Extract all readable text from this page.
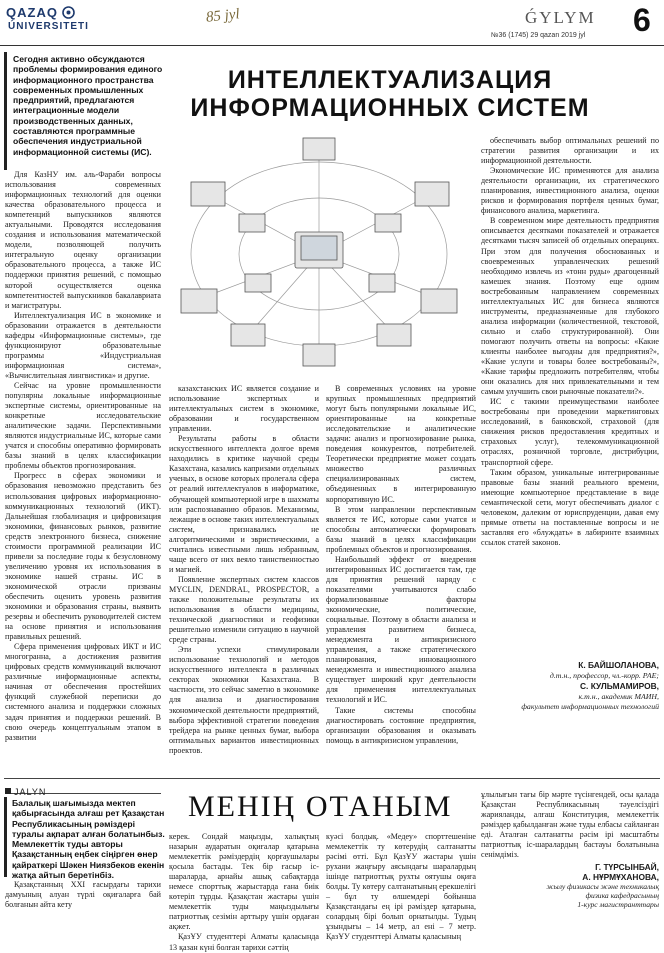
QAZAQ
ÚNIVERSITETI
85 jyl	ǴYLYM
№36 (1745) 29 qazan 2019 jyl 6
Сегодня активно обсуждаются проблемы формирования единого информационного пространства современных промышленных предприятий, предлагаются интеграционные модели производственных данных, составляются программные обеспечения индустриальной информационной системы (ИС).
ИНТЕЛЛЕКТУАЛИЗАЦИЯ
ИНФОРМАЦИОННЫХ СИСТЕМ

Для КазНУ им. аль-Фараби вопросы использования современных информационных технологий для оценки качества образовательного процесса и компетенций выпускников являются актуальными. Проводятся исследования создания и использования математической модели, позволяющей получить интегральную оценку организации образовательного процесса, а также ИС поддержки принятия решений, с помощью которой осуществляется оценка компетентностей выпускников бакалавриата и магистратуры.

Интеллектуализация ИС в экономике и образовании отражается в деятельности кафедры «Информационные системы», где функционируют образовательные программы «Индустриальная информационная система», «Вычислительная лингвистика» и другие.

Сейчас на уровне промышленности популярны локальные информационные экспертные системы, ориентированные на конкретные исследовательские аналитические задачи. Перспективными являются индустриальные ИС, которые сами учатся и способны оперативно формировать базы знаний в целях классификации проблемы объектов прогнозирования.

Прогресс в сферах экономики и образования невозможно представить без использования цифровых информационно-коммуникационных технологий (ИКТ). Дальнейшая глобализация и цифровизация экономики, финансовых рынков, развитие средств электронного бизнеса, снижение стоимости программной реализации ИС привели за последние годы к безусловному увеличению уровня их использования в экономике нашей страны. ИС в экономической отрасли призваны обеспечить оценить уровень развития экономики и образования страны, выявить резервы и обеспечить руководителей систем на основе принятия и использования правильных решений.

Сфера применения цифровых ИКТ и ИС многогранна, а достижения развития цифровых средств коммуникаций включают различные информационные аспекты, начиная от обеспечения простейших функций служебной переписки до системного анализа и поддержки сложных задач принятия и поддержки решений. В свою очередь концептуальным этапом в развитии

казахстанских ИС является создание и использование экспертных и интеллектуальных систем в экономике, образовании и государственном управлении.

Результаты работы в области искусственного интеллекта долгое время находились в критике научной среды Казахстана, казались капризами отдельных ученых, в основе которых пролегала сфера от реалий интеллектуалов в информатике, обучающей компьютерной игре в шахматы или распознаванию образов. Механизмы, лежащие в основе таких интеллектуальных систем, признавались не алгоритмическими и эвристическими, а считались известными лишь избранным, чаще всего от них веяло таинственностью и магией.

Появление экспертных систем классов MYCLIN, DENDRAL, PROSPECTOR, а также положительные результаты их использования в области медицины, технической диагностики и геофизики решительно изменили ситуацию в научной среде страны.

Эти успехи стимулировали использование технологий и методов искусственного интеллекта в различных секторах экономики Казахстана. В частности, это сейчас заметно в экономике для анализа и диагностирования экономической деятельности предприятий, выбора эффективной стратегии поведения трейдера на рынке ценных бумаг, выбора оптимальных вариантов инвестиционных проектов.

В современных условиях на уровне крупных промышленных предприятий могут быть популярными локальные ИС, ориентированные на конкретные исследовательские и аналитические задачи: анализ и прогнозирование рынка, поведения конкурентов, потребителей. Теоретически предприятие может создать множество различных специализированных систем, объединенных в интегрированную корпоративную ИС.

В этом направлении перспективным является те ИС, которые сами учатся и способны автоматически формировать базы знаний в целях классификации проблемных объектов и прогнозирования.

Наибольший эффект от внедрения интегрированных ИС достигается там, где для принятия решений наряду с показателями учитываются слабо формализованные факторы экономические, политические, социальные. Поэтому в области анализа и управления развитием бизнеса, менеджмента и антикризисного управления, а также стратегического планирования, инновационного менеджмента и инвестиционного анализа существует широкий круг деятельности для применения интеллектуальных технологий и ИС.

Такие системы способны диагностировать состояние предприятия, организации образования и оказывать помощь в антикризисном управлении,

обеспечивать выбор оптимальных решений по стратегии развития организации и их информационной деятельности.

Экономические ИС применяются для анализа деятельности организации, их стратегического планирования, инвестиционного анализа, оценки рисков и формирования портфеля ценных бумаг, финансового анализа, маркетинга.

В современном мире деятельность предприятия описывается десятками показателей и отражается десятками тысяч записей об отдельных операциях. При этом для получения обоснованных и своевременных управленческих решений необходимо извлечь из «тонн руды» драгоценный камешек знания. Поэтому еще одним востребованным направлением современных интеллектуальных ИС для бизнеса являются инструменты, предназначенные для глубокого анализа информации (количественной, текстовой, сильно и слабо структурированной). Они помогают получить ответы на вопросы: «Какие клиенты наиболее выгодны для предприятия?», «Какие услуги и товары более востребованы?», «Какие тарифы предложить потребителям, чтобы они оказались для них привлекательными и тем самым улучшить свои рыночные показатели?».

ИС с такими преимуществами наиболее востребованы при проведении маркетинговых исследований, в банковской, страховой (для снижения рисков предоставления кредитных и страховых услуг), телекоммуникационной отраслях, розничной торговле, дистрибуции, транспортной сфере.

Таким образом, уникальные интегрированные правовые базы знаний реального времени, имеющие компьютерное представление в виде семантической сети, могут обеспечивать диалог с человеком, далеким от юриспруденции, давая ему прямые ответы на поставленные вопросы и не заставляя его «блуждать» в лабиринте взаимных ссылок статей законов.

К. БАЙШОЛАНОВА,
д.т.н., профессор, чл.-корр. РАЕ;
С. КУЛЬМАМИРОВ,
к.т.н., академик МАИН,
факультет информационных технологий
JALYN
Балалық шағымызда мектеп қабырғасында алғаш рет Қазақстан Республикасының рәміздері туралы ақпарат алған болатынбыз. Мемлекеттік туды авторы Қазақстанның еңбек сіңірген өнер қайраткері Шәкен Ниязбеков екенін жатқа айтып беретінбіз.
МЕНІҢ ОТАНЫМ

Қазақстанның XXI ғасырдағы тарихи дамуының алуан түрлі оқиғаларға бай болғанын айта кету

керек. Сондай маңызды, халықтың назарын аударатын оқиғалар қатарына мемлекеттік рәміздердің қорғаушылары қосыла бастады. Тек бір ғасыр іс-шараларда, арнайы ашық сабақтарда немесе спорттық жарыстарда ғана биік көтеріп тұрды. Қазақстан жастары үшін мемлекеттік туды маңыздылығы патриоттық сезімін арттыру үшін ордаған ақжет.

ҚазҰУ студенттері Алматы қаласында 13 қазан күні болған тарихи сәттің

куәсі болдық. «Медеу» спорттешеніне мемлекеттік ту көтерудің салтанатты рәсімі өтті. Бұл ҚазҰУ жастары үшін рухани жаңғыру аясындағы шаралардың ішінде патриоттық рухты оятушы оқиға болды. Ту көтеру салтанатының ерекшелігі – бұл ту өлшемдері бойынша Қазақстандағы ең ірі рәміздер қатарына, солардың бірі болып орнатылды. Тудың ұзындығы – 14 метр, ал ені – 7 метр. ҚазҰУ студенттері Алматы қаласының

ұлылығын тағы бір мәрте түсінгендей, осы қалада Қазақстан Республикасының тәуелсіздігі жарияланды, алғаш Конституция, мемлекеттік рәміздер қабылданған және туды елбасы сайланған еді. Аталған салтанатты рәсім ірі масштабты патриоттық іс-шаралардың бастауы болатынына сенімдіміз.

Г. ТҮРСЫНБАЙ,
А. НҰРМҰХАНОВА,
жылу физикасы және техникалық
физика кафедрасының
1-курс магистранттары
